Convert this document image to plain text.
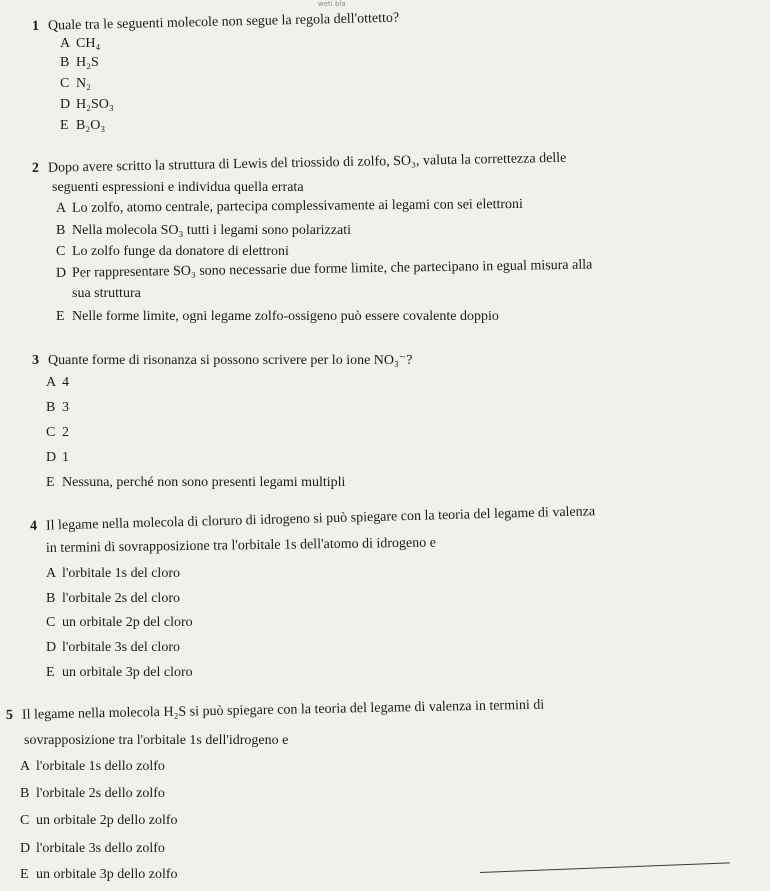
weti bla
1 Quale tra le seguenti molecole non segue la regola dell'ottetto?
A CH₄
B H₂S
C N₂
D H₂SO₃
E B₂O₃
2 Dopo avere scritto la struttura di Lewis del triossido di zolfo, SO₃, valuta la correttezza delle
seguenti espressioni e individua quella errata
A Lo zolfo, atomo centrale, partecipa complessivamente ai legami con sei elettroni
B Nella molecola SO₃ tutti i legami sono polarizzati
C Lo zolfo funge da donatore di elettroni
D Per rappresentare SO₃ sono necessarie due forme limite, che partecipano in egual misura alla
sua struttura
E Nelle forme limite, ogni legame zolfo-ossigeno può essere covalente doppio
3 Quante forme di risonanza si possono scrivere per lo ione NO₃⁻?
A 4
B 3
C 2
D 1
E Nessuna, perché non sono presenti legami multipli
4 Il legame nella molecola di cloruro di idrogeno si può spiegare con la teoria del legame di valenza
in termini di sovrapposizione tra l'orbitale 1s dell'atomo di idrogeno e
A l'orbitale 1s del cloro
B l'orbitale 2s del cloro
C un orbitale 2p del cloro
D l'orbitale 3s del cloro
E un orbitale 3p del cloro
5 Il legame nella molecola H₂S si può spiegare con la teoria del legame di valenza in termini di
sovrapposizione tra l'orbitale 1s dell'idrogeno e
A l'orbitale 1s dello zolfo
B l'orbitale 2s dello zolfo
C un orbitale 2p dello zolfo
D l'orbitale 3s dello zolfo
E un orbitale 3p dello zolfo
